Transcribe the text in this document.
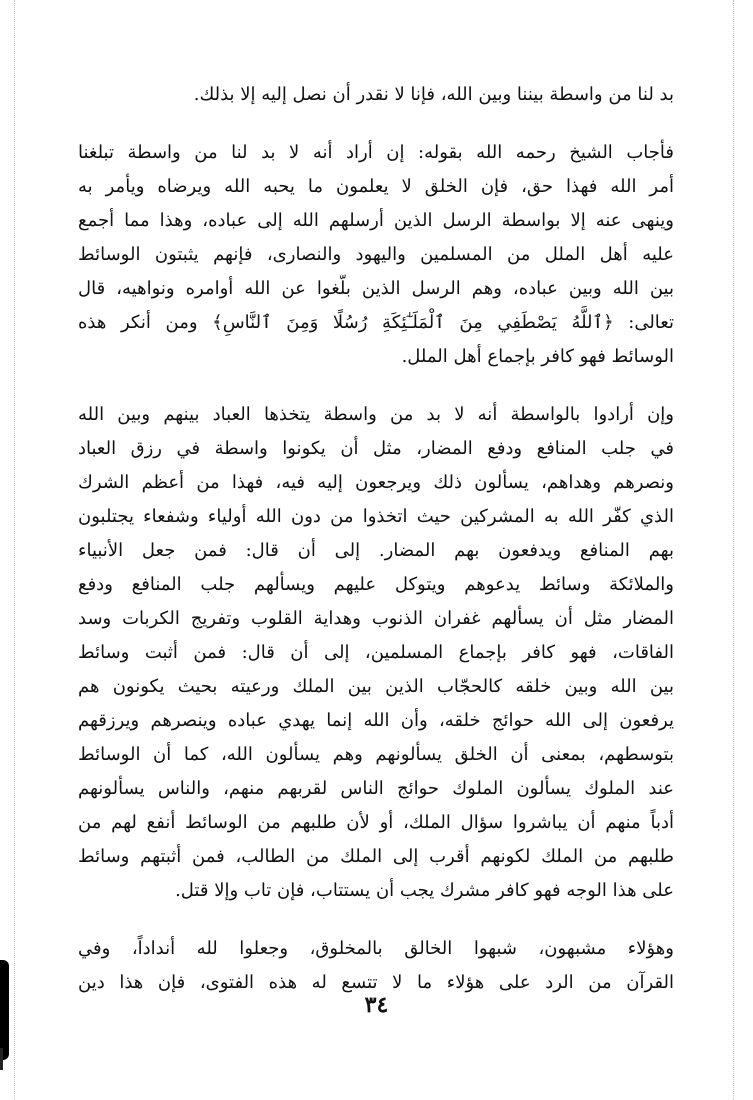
بد لنا من واسطة بيننا وبين الله، فإنا لا نقدر أن نصل إليه إلا بذلك.
فأجاب الشيخ رحمه الله بقوله: إن أراد أنه لا بد لنا من واسطة تبلغنا
أمر الله فهذا حق، فإن الخلق لا يعلمون ما يحبه الله ويرضاه ويأمر به
وينهى عنه إلا بواسطة الرسل الذين أرسلهم الله إلى عباده، وهذا مما أجمع
عليه أهل الملل من المسلمين واليهود والنصارى، فإنهم يثبتون الوسائط
بين الله وبين عباده، وهم الرسل الذين بلّغوا عن الله أوامره ونواهيه، قال
تعالى: ﴿ٱللَّهُ يَصْطَفِي مِنَ ٱلْمَلَـٰٓئِكَةِ رُسُلًا وَمِنَ ٱلنَّاسِ﴾ ومن أنكر هذه
الوسائط فهو كافر بإجماع أهل الملل.
وإن أرادوا بالواسطة أنه لا بد من واسطة يتخذها العباد بينهم وبين الله
في جلب المنافع ودفع المضار، مثل أن يكونوا واسطة في رزق العباد
ونصرهم وهداهم، يسألون ذلك ويرجعون إليه فيه، فهذا من أعظم الشرك
الذي كفّر الله به المشركين حيث اتخذوا من دون الله أولياء وشفعاء يجتلبون
بهم المنافع ويدفعون بهم المضار. إلى أن قال: فمن جعل الأنبياء
والملائكة وسائط يدعوهم ويتوكل عليهم ويسألهم جلب المنافع ودفع
المضار مثل أن يسألهم غفران الذنوب وهداية القلوب وتفريج الكربات وسد
الفاقات، فهو كافر بإجماع المسلمين، إلى أن قال: فمن أثبت وسائط
بين الله وبين خلقه كالحجّاب الذين بين الملك ورعيته بحيث يكونون هم
يرفعون إلى الله حوائج خلقه، وأن الله إنما يهدي عباده وينصرهم ويرزقهم
بتوسطهم، بمعنى أن الخلق يسألونهم وهم يسألون الله، كما أن الوسائط
عند الملوك يسألون الملوك حوائج الناس لقربهم منهم، والناس يسألونهم
أدباً منهم أن يباشروا سؤال الملك، أو لأن طلبهم من الوسائط أنفع لهم من
طلبهم من الملك لكونهم أقرب إلى الملك من الطالب، فمن أثبتهم وسائط
على هذا الوجه فهو كافر مشرك يجب أن يستتاب، فإن تاب وإلا قتل.
وهؤلاء مشبهون، شبهوا الخالق بالمخلوق، وجعلوا لله أنداداً، وفي
القرآن من الرد على هؤلاء ما لا تتسع له هذه الفتوى، فإن هذا دين
٣٤
